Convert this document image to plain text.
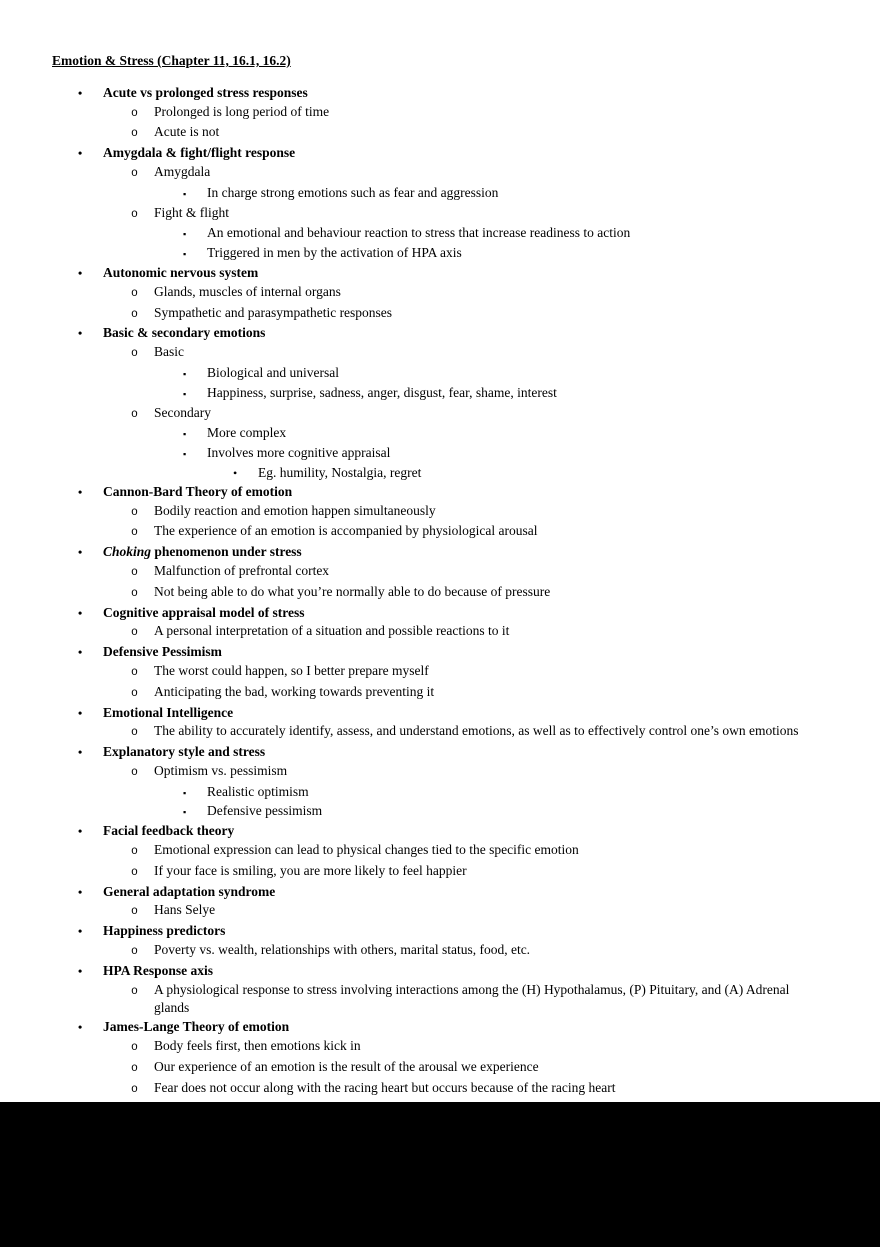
Emotion & Stress (Chapter 11, 16.1, 16.2)
•	Acute vs prolonged stress responses
o	Prolonged is long period of time
o	Acute is not
•	Amygdala & fight/flight response
o	Amygdala
▪	In charge strong emotions such as fear and aggression
o	Fight & flight
▪	An emotional and behaviour reaction to stress that increase readiness to action
▪	Triggered in men by the activation of HPA axis
•	Autonomic nervous system
o	Glands, muscles of internal organs
o	Sympathetic and parasympathetic responses
•	Basic & secondary emotions
o	Basic
▪	Biological and universal
▪	Happiness, surprise, sadness, anger, disgust, fear, shame, interest
o	Secondary
▪	More complex
▪	Involves more cognitive appraisal
•	Eg. humility, Nostalgia, regret
•	Cannon-Bard Theory of emotion
o	Bodily reaction and emotion happen simultaneously
o	The experience of an emotion is accompanied by physiological arousal
•	Choking phenomenon under stress
o	Malfunction of prefrontal cortex
o	Not being able to do what you’re normally able to do because of pressure
•	Cognitive appraisal model of stress
o	A personal interpretation of a situation and possible reactions to it
•	Defensive Pessimism
o	The worst could happen, so I better prepare myself
o	Anticipating the bad, working towards preventing it
•	Emotional Intelligence
o	The ability to accurately identify, assess, and understand emotions, as well as to effectively control one’s own emotions
•	Explanatory style and stress
o	Optimism vs. pessimism
▪	Realistic optimism
▪	Defensive pessimism
•	Facial feedback theory
o	Emotional expression can lead to physical changes tied to the specific emotion
o	If your face is smiling, you are more likely to feel happier
•	General adaptation syndrome
o	Hans Selye
•	Happiness predictors
o	Poverty vs. wealth, relationships with others, marital status, food, etc.
•	HPA Response axis
o	A physiological response to stress involving interactions among the (H) Hypothalamus, (P) Pituitary, and (A) Adrenal glands
•	James-Lange Theory of emotion
o	Body feels first, then emotions kick in
o	Our experience of an emotion is the result of the arousal we experience
o	Fear does not occur along with the racing heart but occurs because of the racing heart
o	Different patterns of arousal may create different emotional experience
•	Lazarus’ Cognitive Appraisal Theory
o	There is a constant thinking happening, not always conscious, but can influence how we feel at any given moment
